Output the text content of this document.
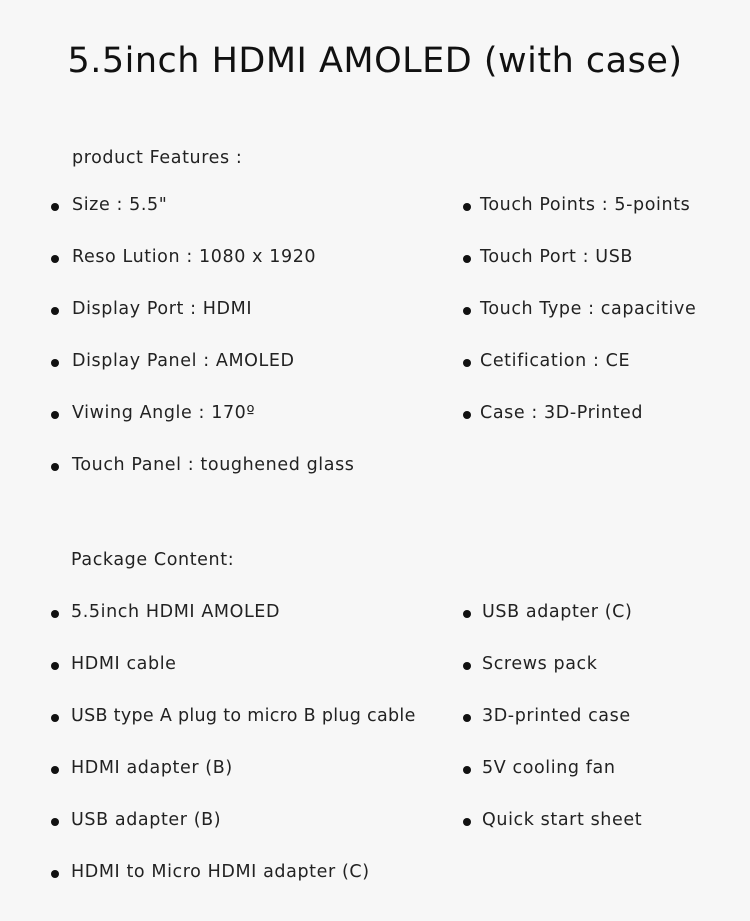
5.5inch HDMI AMOLED (with case)
product Features :
Size : 5.5"
Reso Lution : 1080 x 1920
Display Port : HDMI
Display Panel : AMOLED
Viwing Angle : 170º
Touch Panel : toughened glass
Touch Points : 5-points
Touch Port : USB
Touch Type : capacitive
Cetification : CE
Case : 3D-Printed
Package Content:
5.5inch HDMI AMOLED
HDMI cable
USB type A plug to micro B plug cable
HDMI adapter (B)
USB adapter (B)
HDMI to Micro HDMI adapter (C)
USB adapter (C)
Screws pack
3D-printed case
5V cooling fan
Quick start sheet
